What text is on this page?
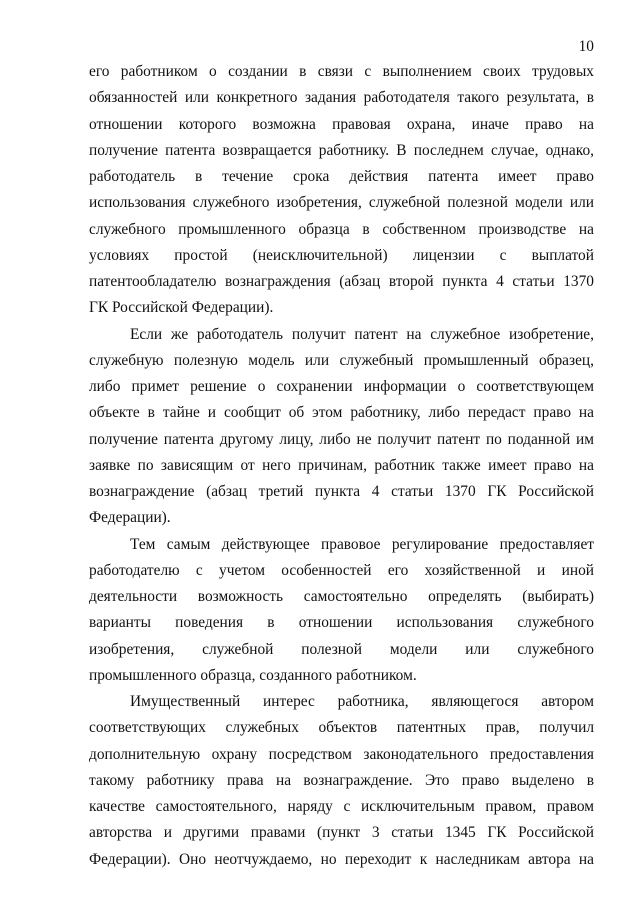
10
его работником о создании в связи с выполнением своих трудовых
обязанностей или конкретного задания работодателя такого результата, в
отношении которого возможна правовая охрана, иначе право на
получение патента возвращается работнику. В последнем случае, однако,
работодатель в течение срока действия патента имеет право
использования служебного изобретения, служебной полезной модели или
служебного промышленного образца в собственном производстве на
условиях простой (неисключительной) лицензии с выплатой
патентообладателю вознаграждения (абзац второй пункта 4 статьи 1370
ГК Российской Федерации).
Если же работодатель получит патент на служебное изобретение,
служебную полезную модель или служебный промышленный образец,
либо примет решение о сохранении информации о соответствующем
объекте в тайне и сообщит об этом работнику, либо передаст право на
получение патента другому лицу, либо не получит патент по поданной им
заявке по зависящим от него причинам, работник также имеет право на
вознаграждение (абзац третий пункта 4 статьи 1370 ГК Российской
Федерации).
Тем самым действующее правовое регулирование предоставляет
работодателю с учетом особенностей его хозяйственной и иной
деятельности возможность самостоятельно определять (выбирать)
варианты поведения в отношении использования служебного
изобретения, служебной полезной модели или служебного
промышленного образца, созданного работником.
Имущественный интерес работника, являющегося автором
соответствующих служебных объектов патентных прав, получил
дополнительную охрану посредством законодательного предоставления
такому работнику права на вознаграждение. Это право выделено в
качестве самостоятельного, наряду с исключительным правом, правом
авторства и другими правами (пункт 3 статьи 1345 ГК Российской
Федерации). Оно неотчуждаемо, но переходит к наследникам автора на
